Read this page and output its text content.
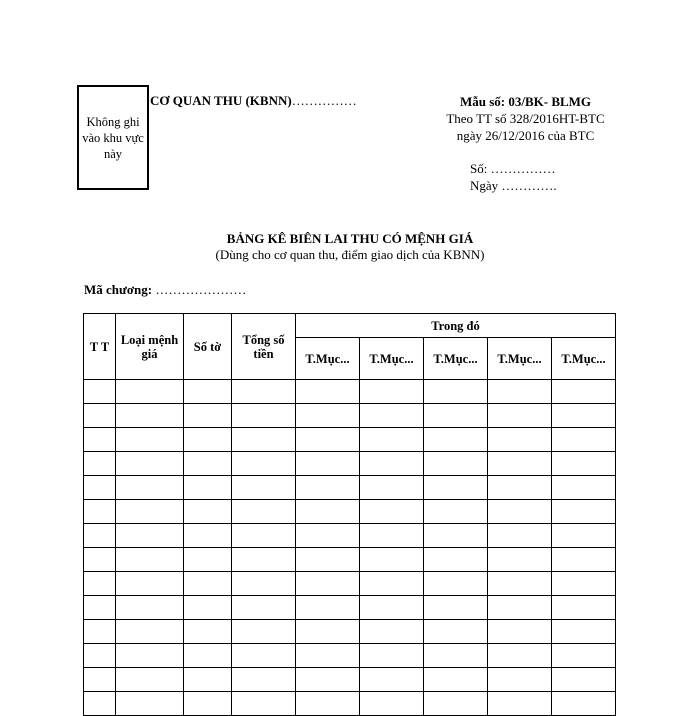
Không ghi vào khu vực này
CƠ QUAN THU (KBNN)……………	Mẫu số: 03/BK- BLMG
Theo TT số 328/2016HT-BTC
ngày 26/12/2016 của BTC
Số: ……………
Ngày ………….
BẢNG KÊ BIÊN LAI THU CÓ MỆNH GIÁ
(Dùng cho cơ quan thu, điểm giao dịch của KBNN)
Mã chương: …………………
T T	Loại mệnh giá	Số tờ	Tổng số tiền	Trong đó				
				T.Mục...	T.Mục...	T.Mục...	T.Mục...	T.Mục...
